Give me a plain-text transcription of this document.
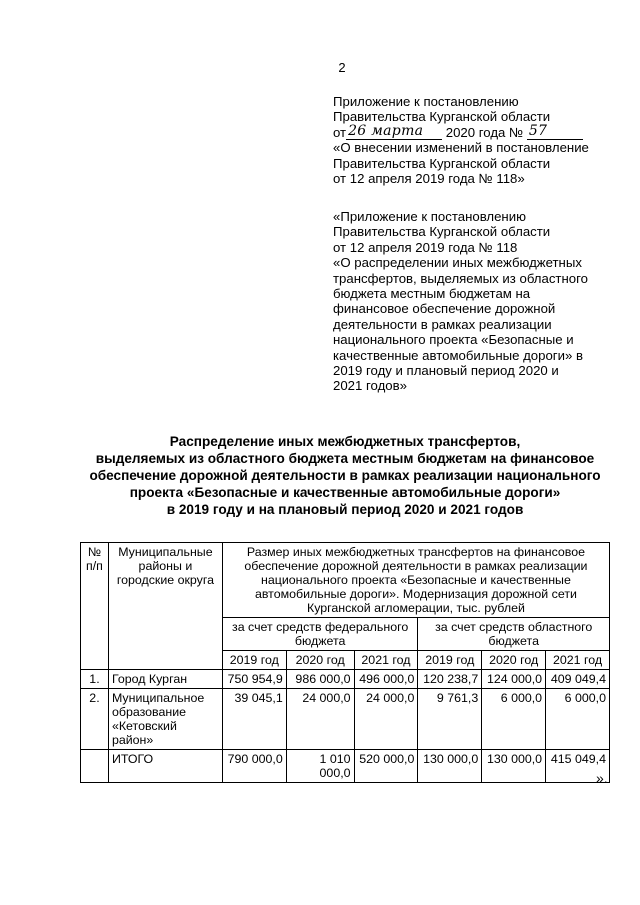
2
Приложение к постановлению
Правительства Курганской области
от 26 марта 2020 года № 57
«О внесении изменений в постановление
Правительства Курганской области
от 12 апреля 2019 года № 118»
«Приложение к постановлению
Правительства Курганской области
от 12 апреля 2019 года № 118
«О распределении иных межбюджетных
трансфертов, выделяемых из областного
бюджета местным бюджетам на
финансовое обеспечение дорожной
деятельности в рамках реализации
национального проекта «Безопасные и
качественные автомобильные дороги» в
2019 году и плановый период 2020 и
2021 годов»
Распределение иных межбюджетных трансфертов,
выделяемых из областного бюджета местным бюджетам на финансовое
обеспечение дорожной деятельности в рамках реализации национального
проекта «Безопасные и качественные автомобильные дороги»
в 2019 году и на плановый период 2020 и 2021 годов
№ п/п	Муниципальные районы и городские округа	Размер иных межбюджетных трансфертов на финансовое обеспечение дорожной деятельности в рамках реализации национального проекта «Безопасные и качественные автомобильные дороги». Модернизация дорожной сети Курганской агломерации, тыс. рублей					
		за счет средств федерального бюджета			за счет средств областного бюджета		
		2019 год	2020 год	2021 год	2019 год	2020 год	2021 год
1.	Город Курган	750 954,9	986 000,0	496 000,0	120 238,7	124 000,0	409 049,4
2.	Муниципальное образование «Кетовский район»	39 045,1	24 000,0	24 000,0	9 761,3	6 000,0	6 000,0
	ИТОГО	790 000,0	1 010 000,0	520 000,0	130 000,0	130 000,0	415 049,4
».
